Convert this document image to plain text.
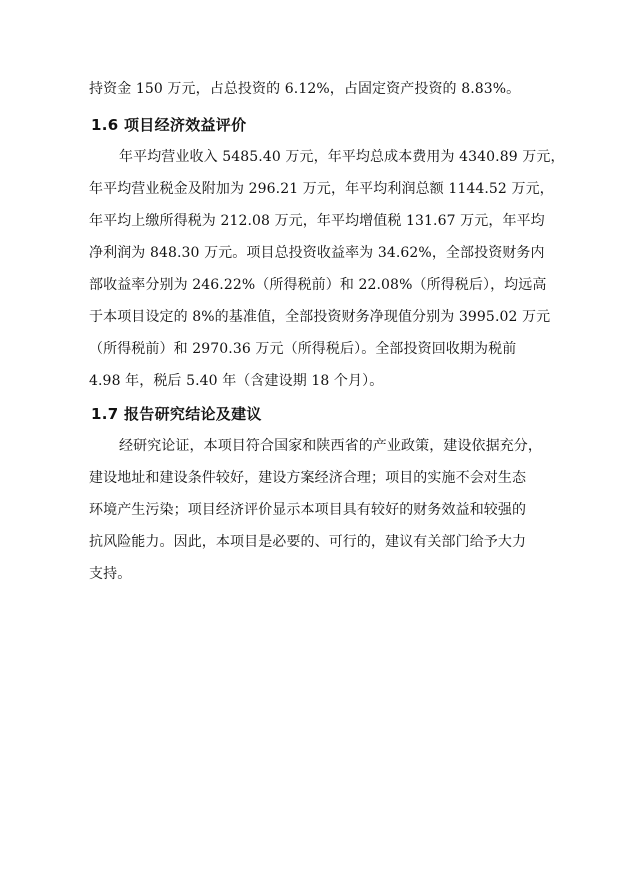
持资金 150 万元，占总投资的 6.12%，占固定资产投资的 8.83%。
1.6 项目经济效益评价
年平均营业收入 5485.40 万元，年平均总成本费用为 4340.89 万元，
年平均营业税金及附加为 296.21 万元，年平均利润总额 1144.52 万元，
年平均上缴所得税为 212.08 万元，年平均增值税 131.67 万元，年平均
净利润为 848.30 万元。项目总投资收益率为 34.62%，全部投资财务内
部收益率分别为 246.22%（所得税前）和 22.08%（所得税后），均远高
于本项目设定的 8%的基准值，全部投资财务净现值分别为 3995.02 万元
（所得税前）和 2970.36 万元（所得税后）。全部投资回收期为税前
4.98 年，税后 5.40 年（含建设期 18 个月）。
1.7 报告研究结论及建议
经研究论证，本项目符合国家和陕西省的产业政策，建设依据充分，
建设地址和建设条件较好，建设方案经济合理；项目的实施不会对生态
环境产生污染；项目经济评价显示本项目具有较好的财务效益和较强的
抗风险能力。因此，本项目是必要的、可行的，建议有关部门给予大力
支持。
